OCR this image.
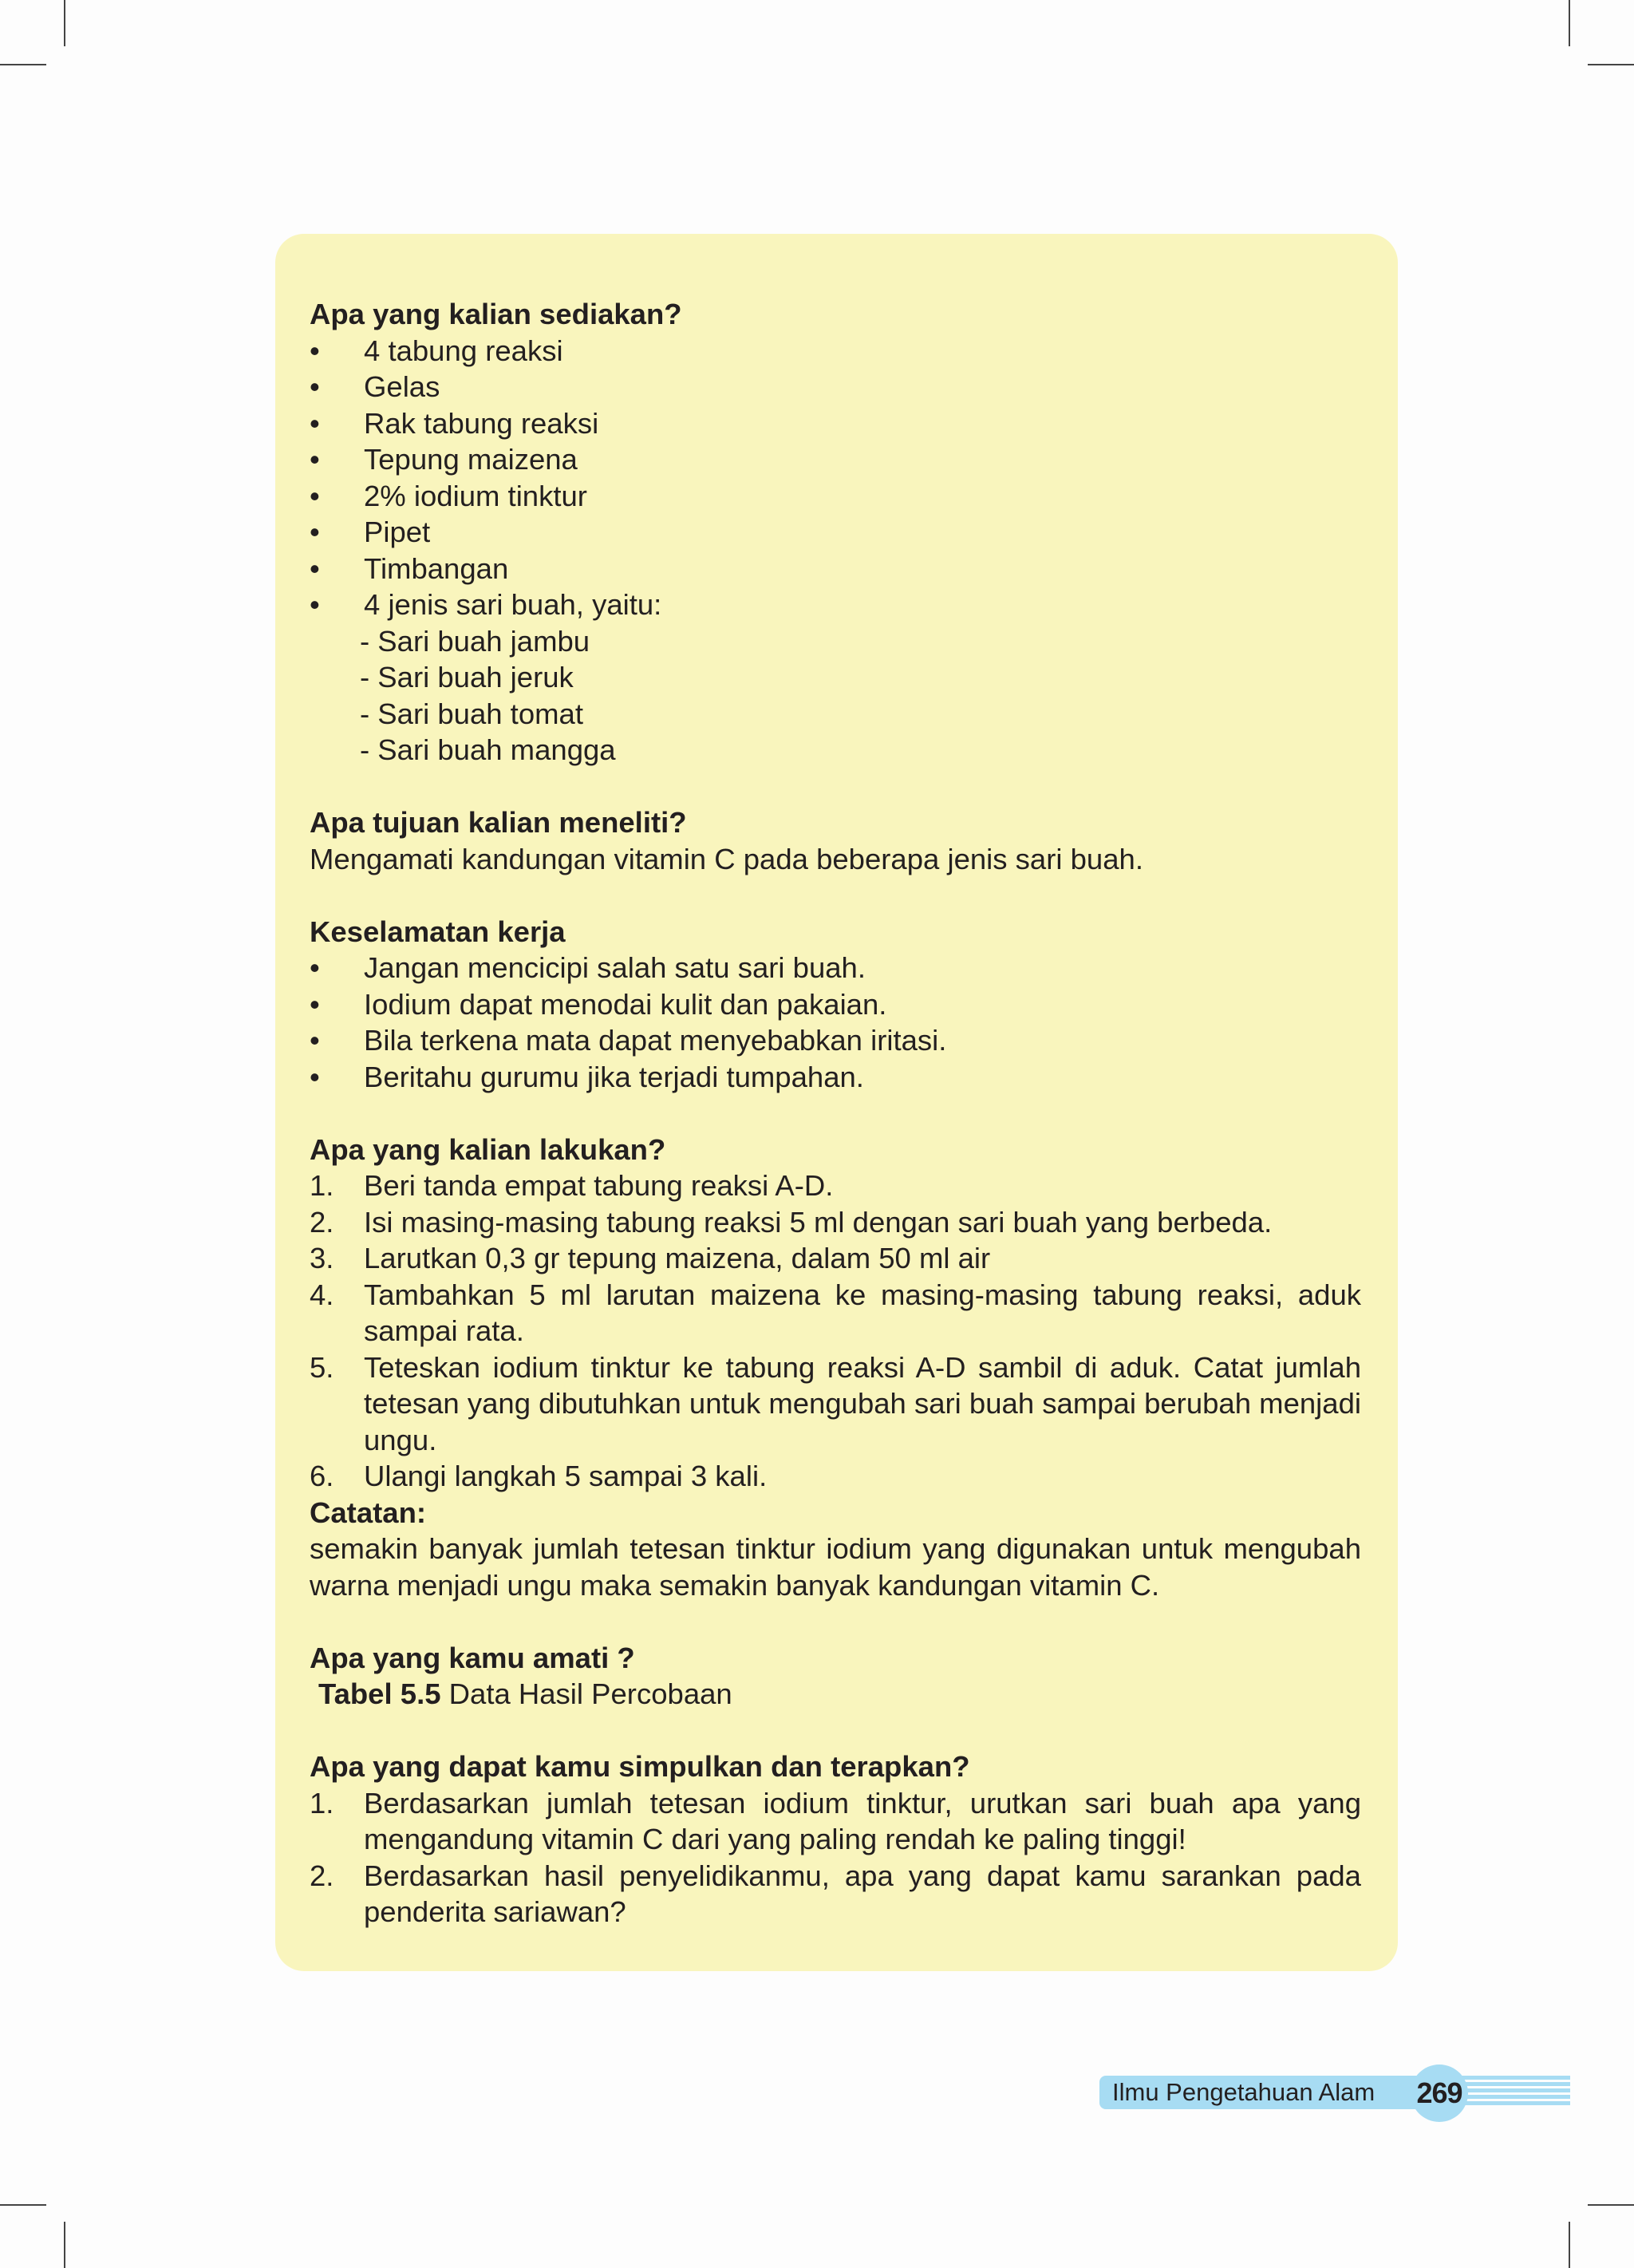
Apa yang kalian sediakan?
•	4 tabung reaksi
•	Gelas
•	Rak tabung reaksi
•	Tepung maizena
•	2% iodium tinktur
•	Pipet
•	Timbangan
•	4 jenis sari buah, yaitu:
- Sari buah jambu
- Sari buah jeruk
- Sari buah tomat
- Sari buah mangga
Apa tujuan kalian meneliti?
Mengamati kandungan vitamin C pada beberapa jenis sari buah.
Keselamatan kerja
•	Jangan mencicipi salah satu sari buah.
•	Iodium dapat menodai kulit dan pakaian.
•	Bila terkena mata dapat menyebabkan iritasi.
•	Beritahu gurumu jika terjadi tumpahan.
Apa yang kalian lakukan?
1.	Beri tanda empat tabung reaksi A-D.
2.	Isi masing-masing tabung reaksi 5 ml dengan sari buah yang berbeda.
3.	Larutkan 0,3 gr tepung maizena, dalam 50 ml air
4.	Tambahkan 5 ml larutan maizena ke masing-masing tabung reaksi, aduk sampai rata.
5.	Teteskan iodium tinktur ke tabung reaksi A-D sambil di aduk. Catat jumlah tetesan yang dibutuhkan untuk mengubah sari buah sampai berubah menjadi ungu.
6.	Ulangi langkah 5 sampai 3 kali.
Catatan:
semakin banyak jumlah tetesan tinktur iodium yang digunakan untuk mengubah warna menjadi ungu maka semakin banyak kandungan vitamin C.
Apa yang kamu amati ?
Tabel 5.5 Data Hasil Percobaan
Apa yang dapat kamu simpulkan dan terapkan?
1.	Berdasarkan jumlah tetesan iodium tinktur, urutkan sari buah apa yang mengandung vitamin C dari yang paling rendah ke paling tinggi!
2.	Berdasarkan hasil penyelidikanmu, apa yang dapat kamu sarankan pada penderita sariawan?
Ilmu Pengetahuan Alam	269
